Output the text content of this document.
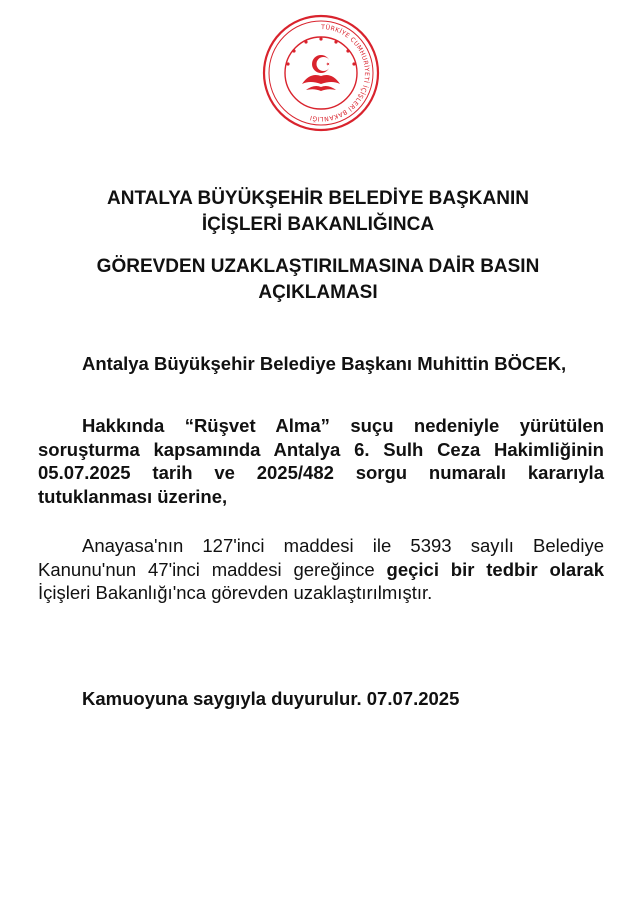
TÜRKİYE CUMHURİYETİ İÇİŞLERİ BAKANLIĞI
ANTALYA BÜYÜKŞEHİR BELEDİYE BAŞKANIN
İÇİŞLERİ BAKANLIĞINCA
GÖREVDEN UZAKLAŞTIRILMASINA DAİR BASIN
AÇIKLAMASI
Antalya Büyükşehir Belediye Başkanı Muhittin BÖCEK,
Hakkında “Rüşvet Alma” suçu nedeniyle yürütülen soruşturma kapsamında Antalya 6. Sulh Ceza Hakimliğinin 05.07.2025 tarih ve 2025/482 sorgu numaralı kararıyla tutuklanması üzerine,
Anayasa'nın 127'inci maddesi ile 5393 sayılı Belediye Kanunu'nun 47'inci maddesi gereğince geçici bir tedbir olarak İçişleri Bakanlığı'nca görevden uzaklaştırılmıştır.
Kamuoyuna saygıyla duyurulur. 07.07.2025
